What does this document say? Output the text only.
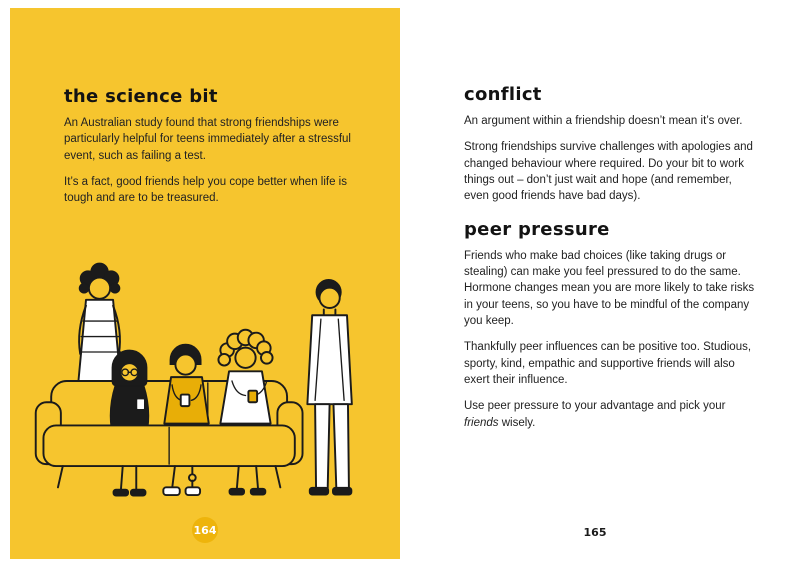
the science bit

An Australian study found that strong friendships were particularly helpful for teens immediately after a stressful event, such as failing a test.

It’s a fact, good friends help you cope better when life is tough and are to be treasured.

164
conflict

An argument within a friendship doesn’t mean it’s over.

Strong friendships survive challenges with apologies and changed behaviour where required. Do your bit to work things out – don’t just wait and hope (and remember, even good friends have bad days).

peer pressure

Friends who make bad choices (like taking drugs or stealing) can make you feel pressured to do the same. Hormone changes mean you are more likely to take risks in your teens, so you have to be mindful of the company you keep.

Thankfully peer influences can be positive too. Studious, sporty, kind, empathic and supportive friends will also exert their influence.

Use peer pressure to your advantage and pick your friends wisely.

165
